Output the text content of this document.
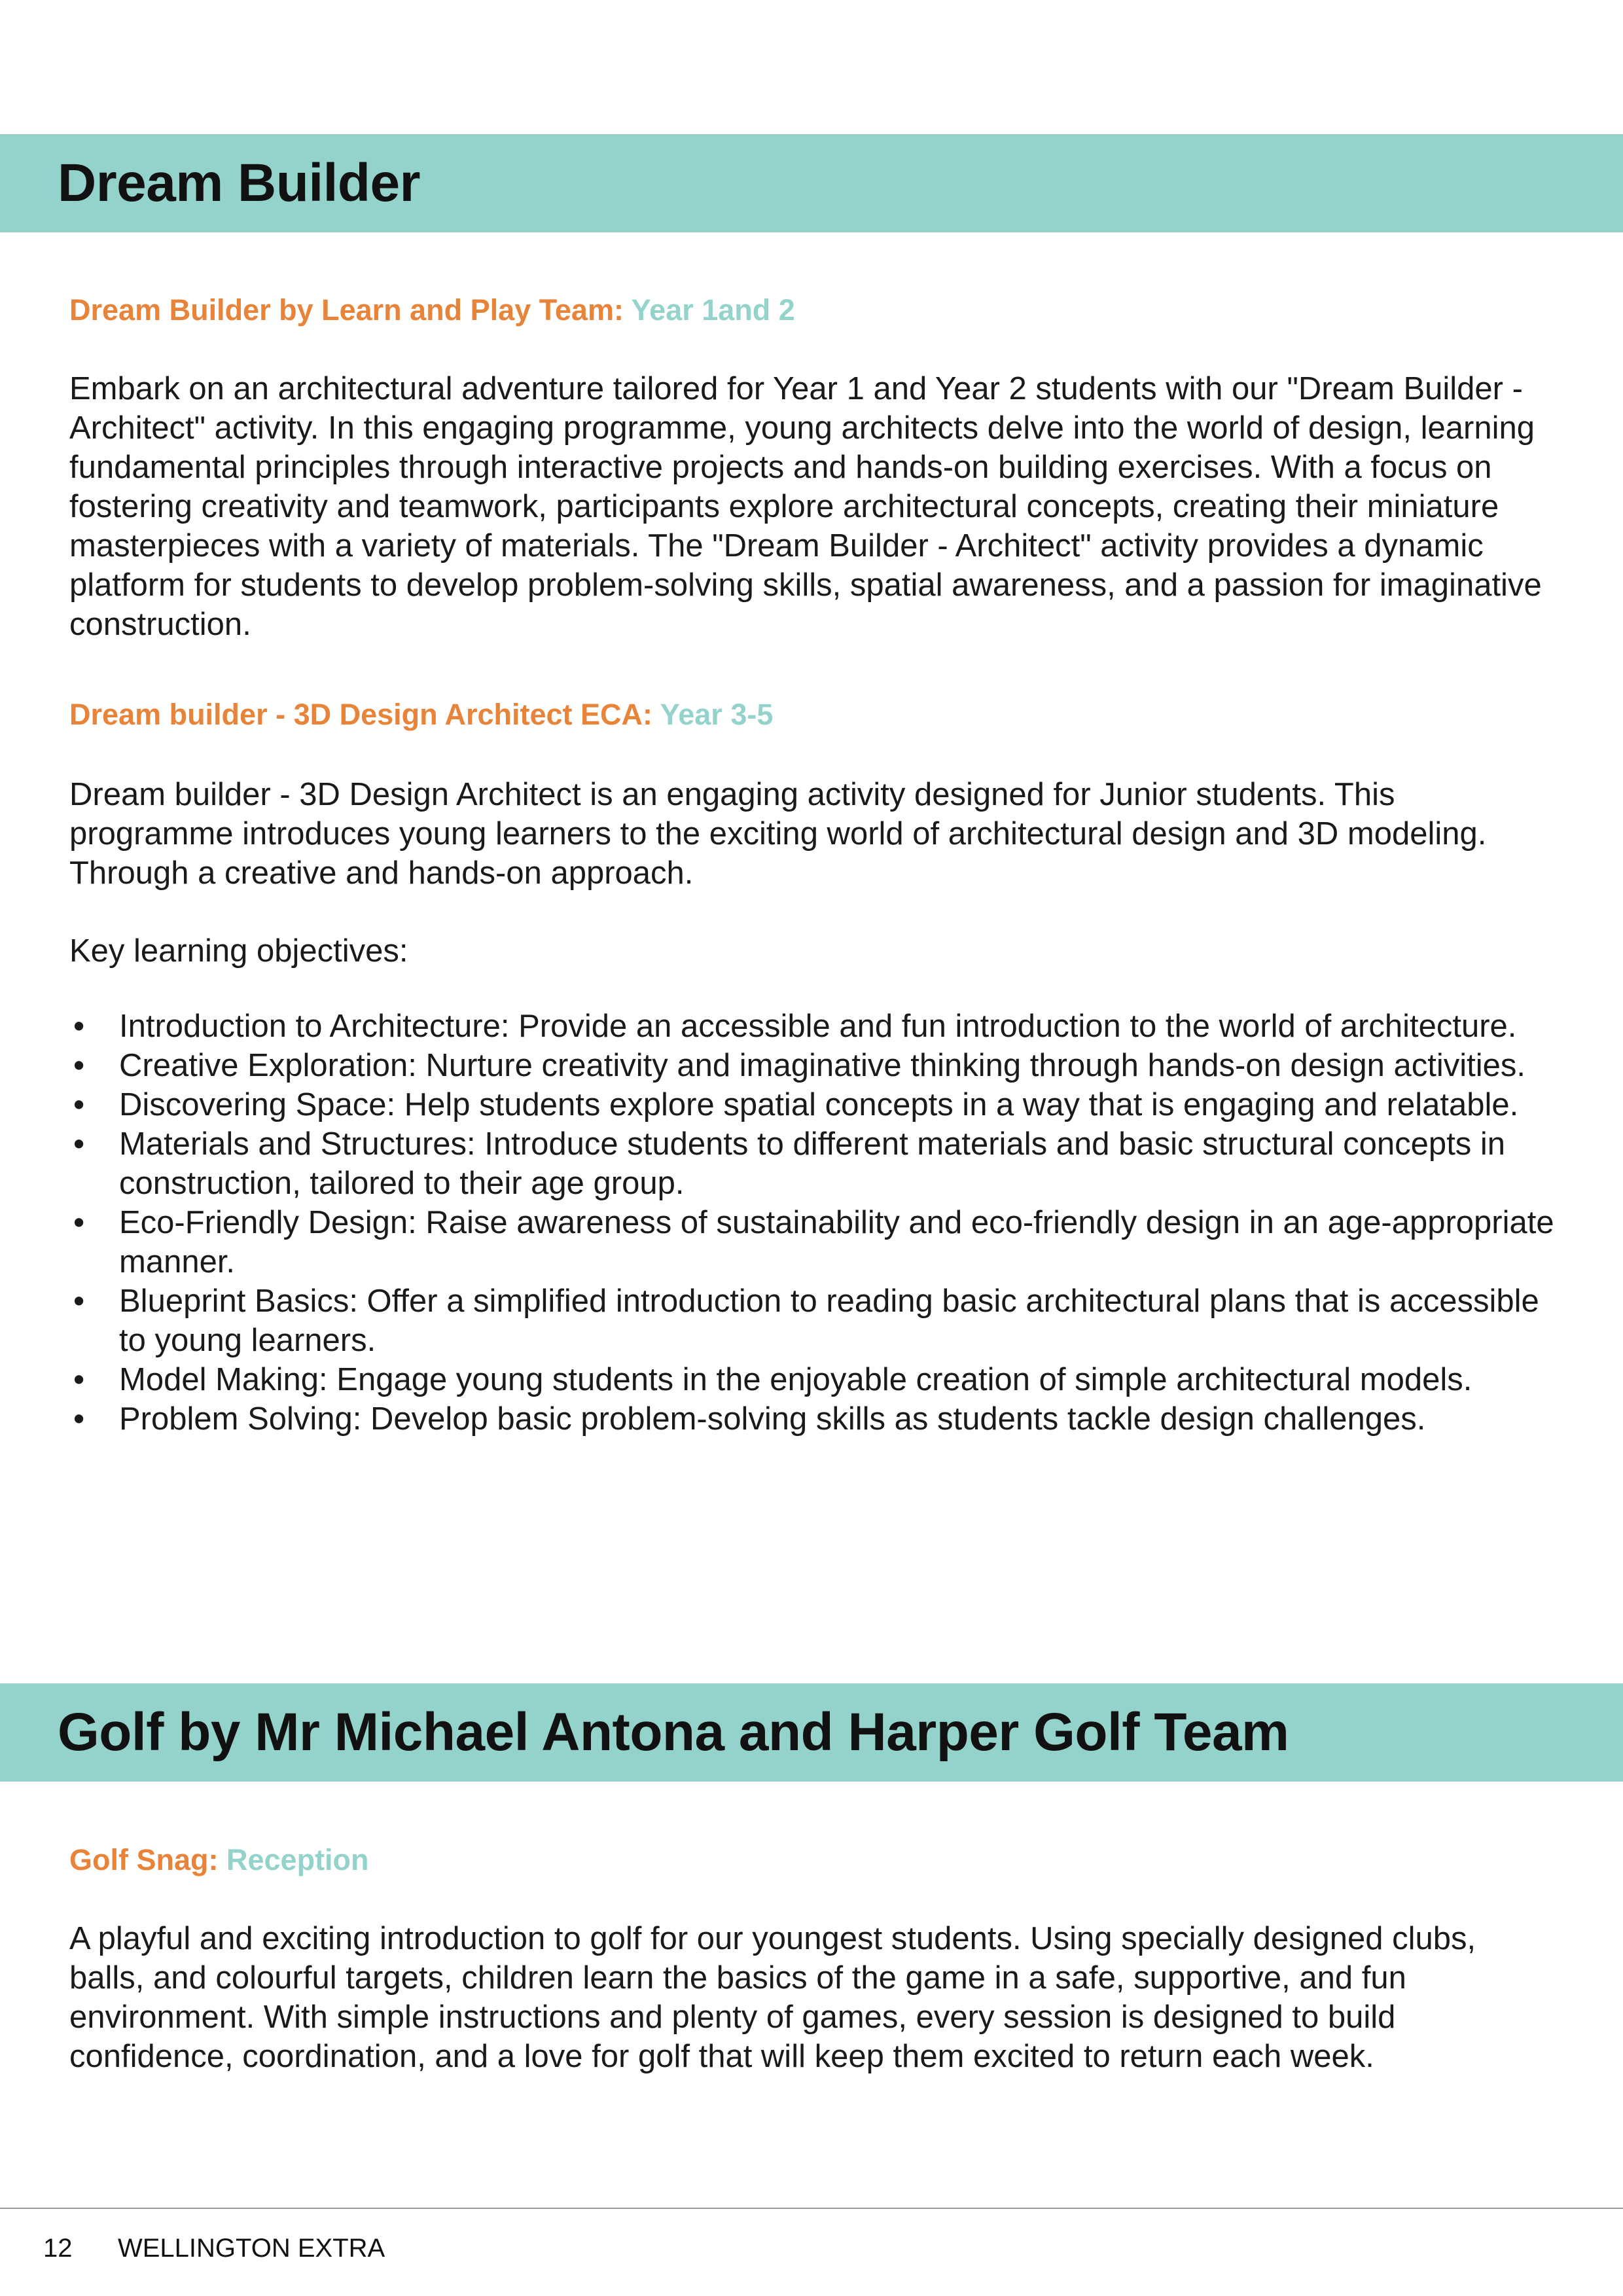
Dream Builder

Dream Builder by Learn and Play Team: Year 1and 2

Embark on an architectural adventure tailored for Year 1 and Year 2 students with our "Dream Builder - Architect" activity. In this engaging programme, young architects delve into the world of design, learning fundamental principles through interactive projects and hands-on building exercises. With a focus on fostering creativity and teamwork, participants explore architectural concepts, creating their miniature masterpieces with a variety of materials. The "Dream Builder - Architect" activity provides a dynamic platform for students to develop problem-solving skills, spatial awareness, and a passion for imaginative construction.

Dream builder - 3D Design Architect ECA: Year 3-5

Dream builder - 3D Design Architect is an engaging activity designed for Junior students. This programme introduces young learners to the exciting world of architectural design and 3D modeling. Through a creative and hands-on approach.

Key learning objectives:

• Introduction to Architecture: Provide an accessible and fun introduction to the world of architecture.
• Creative Exploration: Nurture creativity and imaginative thinking through hands-on design activities.
• Discovering Space: Help students explore spatial concepts in a way that is engaging and relatable.
• Materials and Structures: Introduce students to different materials and basic structural concepts in construction, tailored to their age group.
• Eco-Friendly Design: Raise awareness of sustainability and eco-friendly design in an age-appropriate manner.
• Blueprint Basics: Offer a simplified introduction to reading basic architectural plans that is accessible to young learners.
• Model Making: Engage young students in the enjoyable creation of simple architectural models.
• Problem Solving: Develop basic problem-solving skills as students tackle design challenges.
Golf by Mr Michael Antona and Harper Golf Team

Golf Snag: Reception

A playful and exciting introduction to golf for our youngest students. Using specially designed clubs, balls, and colourful targets, children learn the basics of the game in a safe, supportive, and fun environment. With simple instructions and plenty of games, every session is designed to build confidence, coordination, and a love for golf that will keep them excited to return each week.

12 WELLINGTON EXTRA
